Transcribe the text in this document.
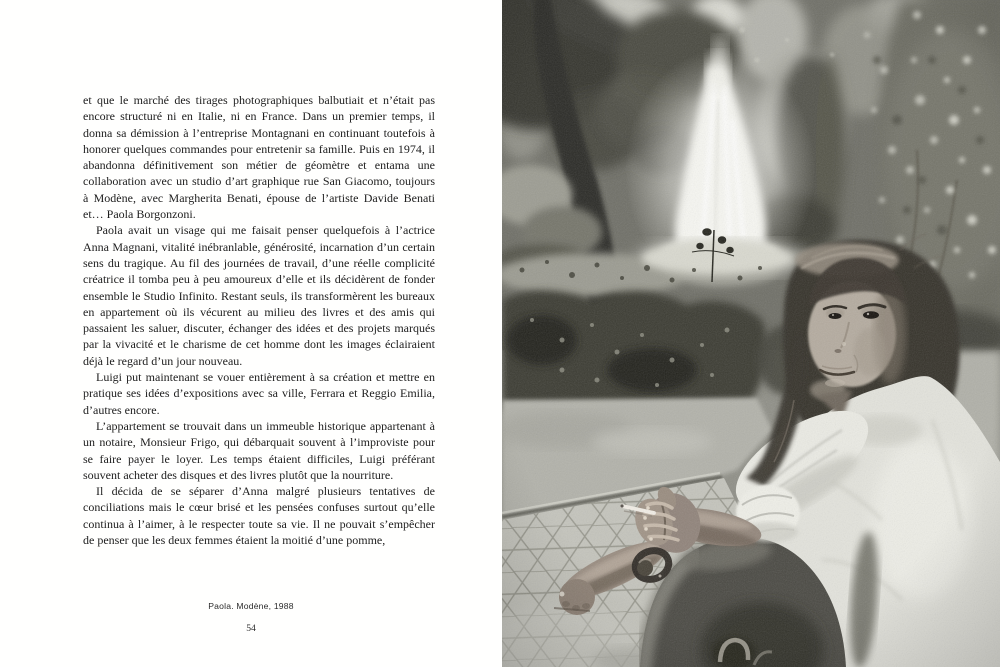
et que le marché des tirages photographiques balbutiait et n’était pas encore structuré ni en Italie, ni en France. Dans un premier temps, il donna sa démission à l’entreprise Montagnani en continuant toutefois à honorer quelques commandes pour entretenir sa famille. Puis en 1974, il abandonna définitivement son métier de géomètre et entama une collaboration avec un studio d’art graphique rue San Giacomo, toujours à Modène, avec Margherita Benati, épouse de l’artiste Davide Benati et… Paola Borgonzoni.

Paola avait un visage qui me faisait penser quelquefois à l’actrice Anna Magnani, vitalité inébranlable, générosité, incarnation d’un certain sens du tragique. Au fil des journées de travail, d’une réelle complicité créatrice il tomba peu à peu amoureux d’elle et ils décidèrent de fonder ensemble le Studio Infinito. Restant seuls, ils transformèrent les bureaux en appartement où ils vécurent au milieu des livres et des amis qui passaient les saluer, discuter, échanger des idées et des projets marqués par la vivacité et le charisme de cet homme dont les images éclairaient déjà le regard d’un jour nouveau.

Luigi put maintenant se vouer entièrement à sa création et mettre en pratique ses idées d’expositions avec sa ville, Ferrara et Reggio Emilia, d’autres encore.

L’appartement se trouvait dans un immeuble historique appartenant à un notaire, Monsieur Frigo, qui débarquait souvent à l’improviste pour se faire payer le loyer. Les temps étaient difficiles, Luigi préférant souvent acheter des disques et des livres plutôt que la nourriture.

Il décida de se séparer d’Anna malgré plusieurs tentatives de conciliations mais le cœur brisé et les pensées confuses surtout qu’elle continua à l’aimer, à le respecter toute sa vie. Il ne pouvait s’empêcher de penser que les deux femmes étaient la moitié d’une pomme,

Paola. Modène, 1988
54
